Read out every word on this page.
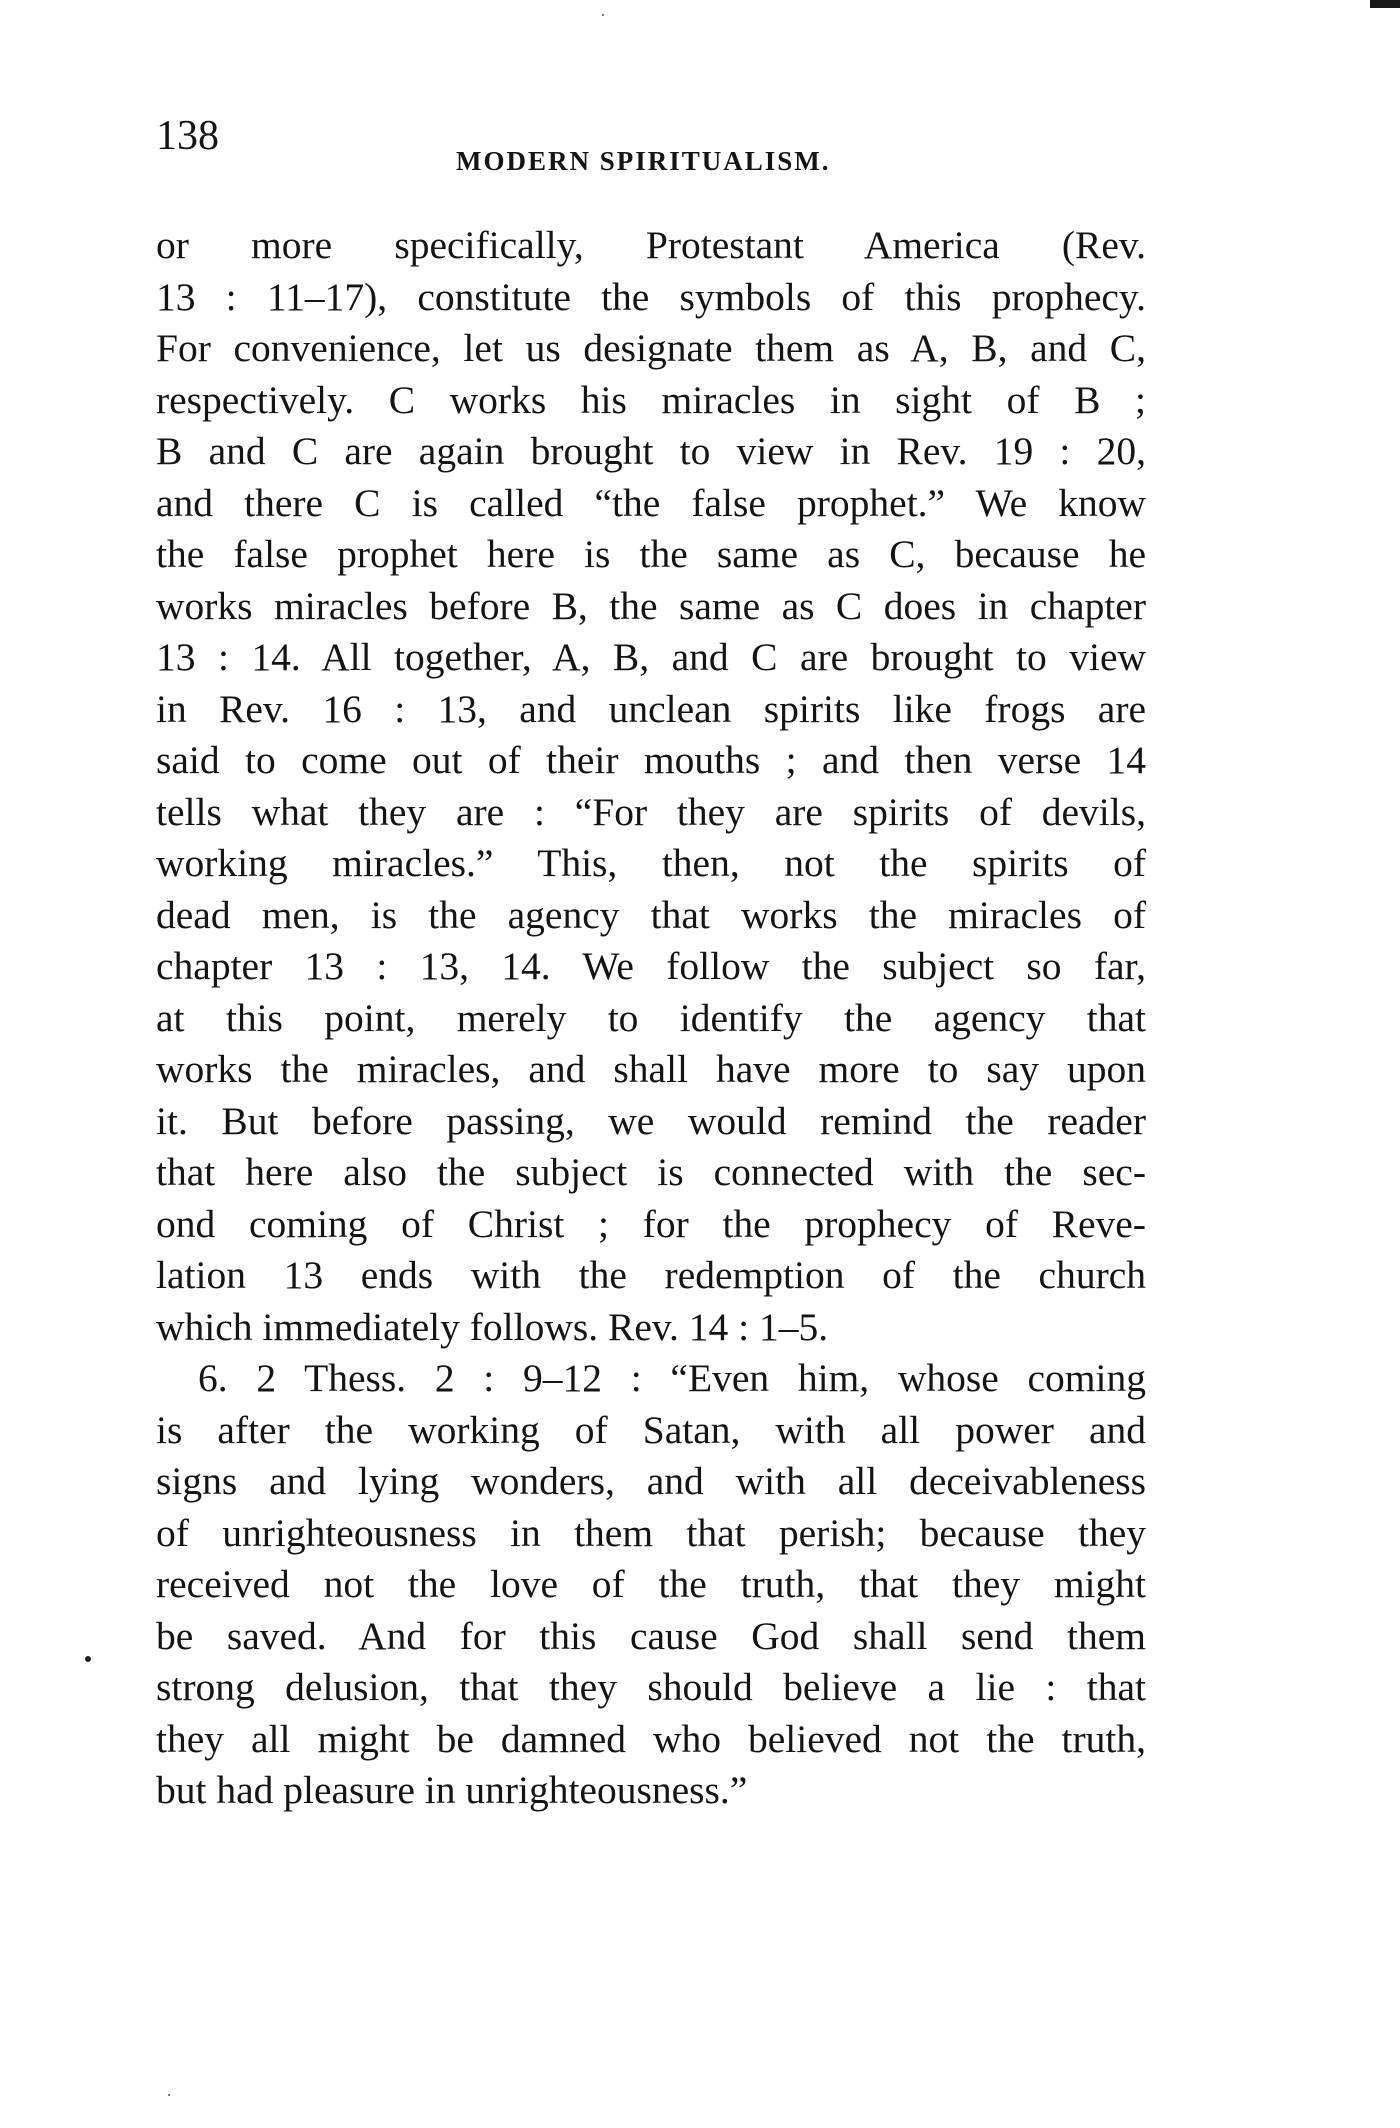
138
MODERN SPIRITUALISM.
or more specifically, Protestant America (Rev.
13 : 11–17), constitute the symbols of this prophecy.
For convenience, let us designate them as A, B, and C,
respectively. C works his miracles in sight of B ;
B and C are again brought to view in Rev. 19 : 20,
and there C is called “the false prophet.” We know
the false prophet here is the same as C, because he
works miracles before B, the same as C does in chapter
13 : 14. All together, A, B, and C are brought to view
in Rev. 16 : 13, and unclean spirits like frogs are
said to come out of their mouths ; and then verse 14
tells what they are : “For they are spirits of devils,
working miracles.” This, then, not the spirits of
dead men, is the agency that works the miracles of
chapter 13 : 13, 14. We follow the subject so far,
at this point, merely to identify the agency that
works the miracles, and shall have more to say upon
it. But before passing, we would remind the reader
that here also the subject is connected with the sec-
ond coming of Christ ; for the prophecy of Reve-
lation 13 ends with the redemption of the church
which immediately follows. Rev. 14 : 1–5.
6. 2 Thess. 2 : 9–12 : “Even him, whose coming
is after the working of Satan, with all power and
signs and lying wonders, and with all deceivableness
of unrighteousness in them that perish; because they
received not the love of the truth, that they might
be saved. And for this cause God shall send them
strong delusion, that they should believe a lie : that
they all might be damned who believed not the truth,
but had pleasure in unrighteousness.”
